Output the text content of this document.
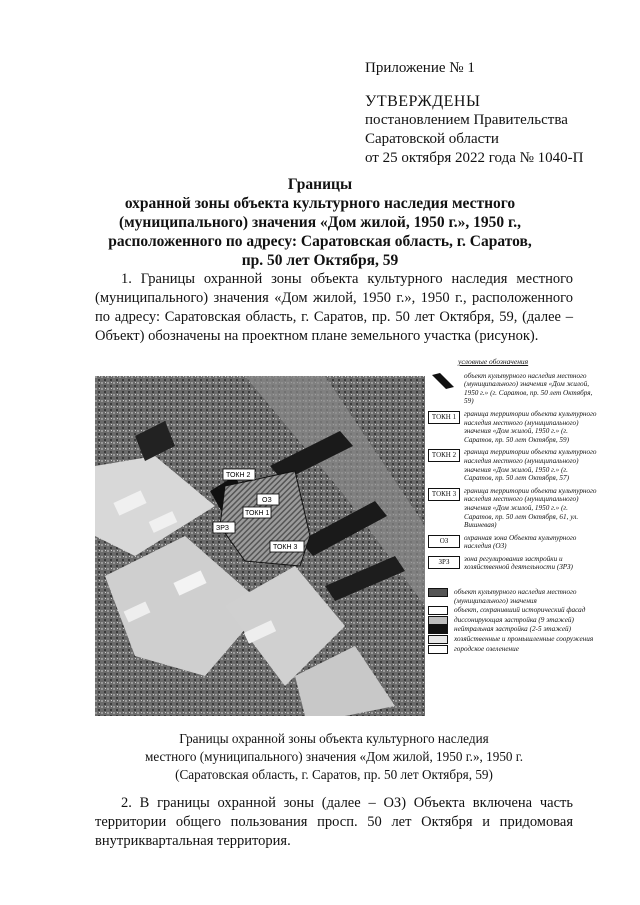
Приложение № 1
УТВЕРЖДЕНЫ
постановлением Правительства
Саратовской области
от 25 октября 2022 года № 1040-П
Границы
охранной зоны объекта культурного наследия местного
(муниципального) значения «Дом жилой, 1950 г.», 1950 г.,
расположенного по адресу: Саратовская область, г. Саратов,
пр. 50 лет Октября, 59
1. Границы охранной зоны объекта культурного наследия местного (муниципального) значения «Дом жилой, 1950 г.», 1950 г., расположенного по адресу: Саратовская область, г. Саратов, пр. 50 лет Октября, 59, (далее – Объект) обозначены на проектном плане земельного участка (рисунок).
ТОКН 2
ОЗ
ТОКН 1
ЗРЗ
ТОКН 3
условные обозначения
объект культурного наследия местного (муниципального) значения «Дом жилой, 1950 г.» (г. Саратов, пр. 50 лет Октября, 59)
ТОКН 1	граница территории объекта культурного наследия местного (муниципального) значения «Дом жилой, 1950 г.» (г. Саратов, пр. 50 лет Октября, 59)
ТОКН 2	граница территории объекта культурного наследия местного (муниципального) значения «Дом жилой, 1950 г.» (г. Саратов, пр. 50 лет Октября, 57)
ТОКН 3	граница территории объекта культурного наследия местного (муниципального) значения «Дом жилой, 1950 г.» (г. Саратов, пр. 50 лет Октября, 61, ул. Вишневая)
ОЗ	охранная зона Объекта культурного наследия (ОЗ)
ЗРЗ	зона регулирования застройки и хозяйственной деятельности (ЗРЗ)
объект культурного наследия местного (муниципального) значения
объект, сохранивший исторический фасад
диссонирующая застройка (9 этажей)
нейтральная застройка (2-5 этажей)
хозяйственные и промышленные сооружения
городское озеленение
Границы охранной зоны объекта культурного наследия
местного (муниципального) значения «Дом жилой, 1950 г.», 1950 г.
(Саратовская область, г. Саратов, пр. 50 лет Октября, 59)
2. В границы охранной зоны (далее – ОЗ) Объекта включена часть территории общего пользования просп. 50 лет Октября и придомовая внутриквартальная территория.
